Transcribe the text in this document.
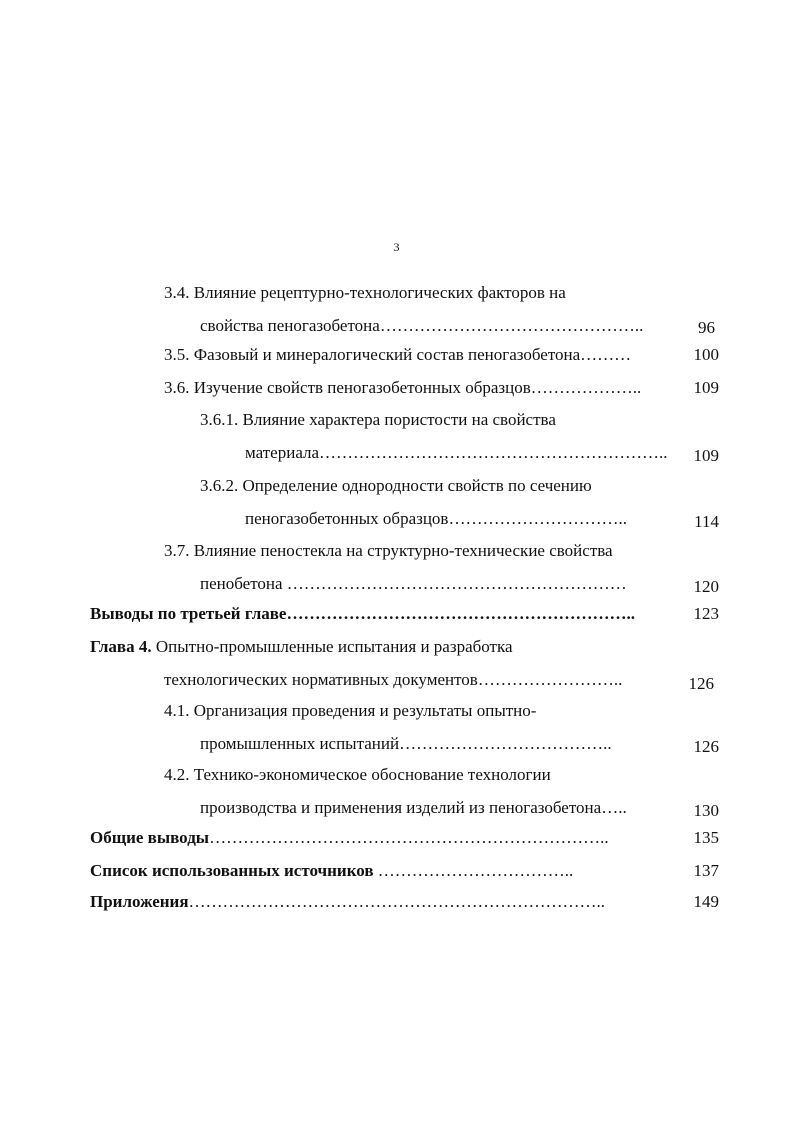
3
3.4. Влияние рецептурно-технологических факторов на
свойства пеногазобетона………………………………………..	96
3.5. Фазовый и минералогический состав пеногазобетона………	100
3.6. Изучение свойств пеногазобетонных образцов………………..	109
3.6.1. Влияние характера пористости на свойства
материала……………………………………………………..	109
3.6.2. Определение однородности свойств по сечению
пеногазобетонных образцов…………………………..	114
3.7. Влияние пеностекла на структурно-технические свойства
пенобетона ……………………………………………………	120
Выводы по третьей главе……………………………………………………..	123
Глава 4. Опытно-промышленные испытания и разработка
технологических нормативных документов……………………..	126
4.1. Организация проведения и результаты опытно-
промышленных испытаний………………………………..	126
4.2. Технико-экономическое обоснование технологии
производства и применения изделий из пеногазобетона…..	130
Общие выводы……………………………………………………………..	135
Список использованных источников ……………………………..	137
Приложения………………………………………………………………..	149
